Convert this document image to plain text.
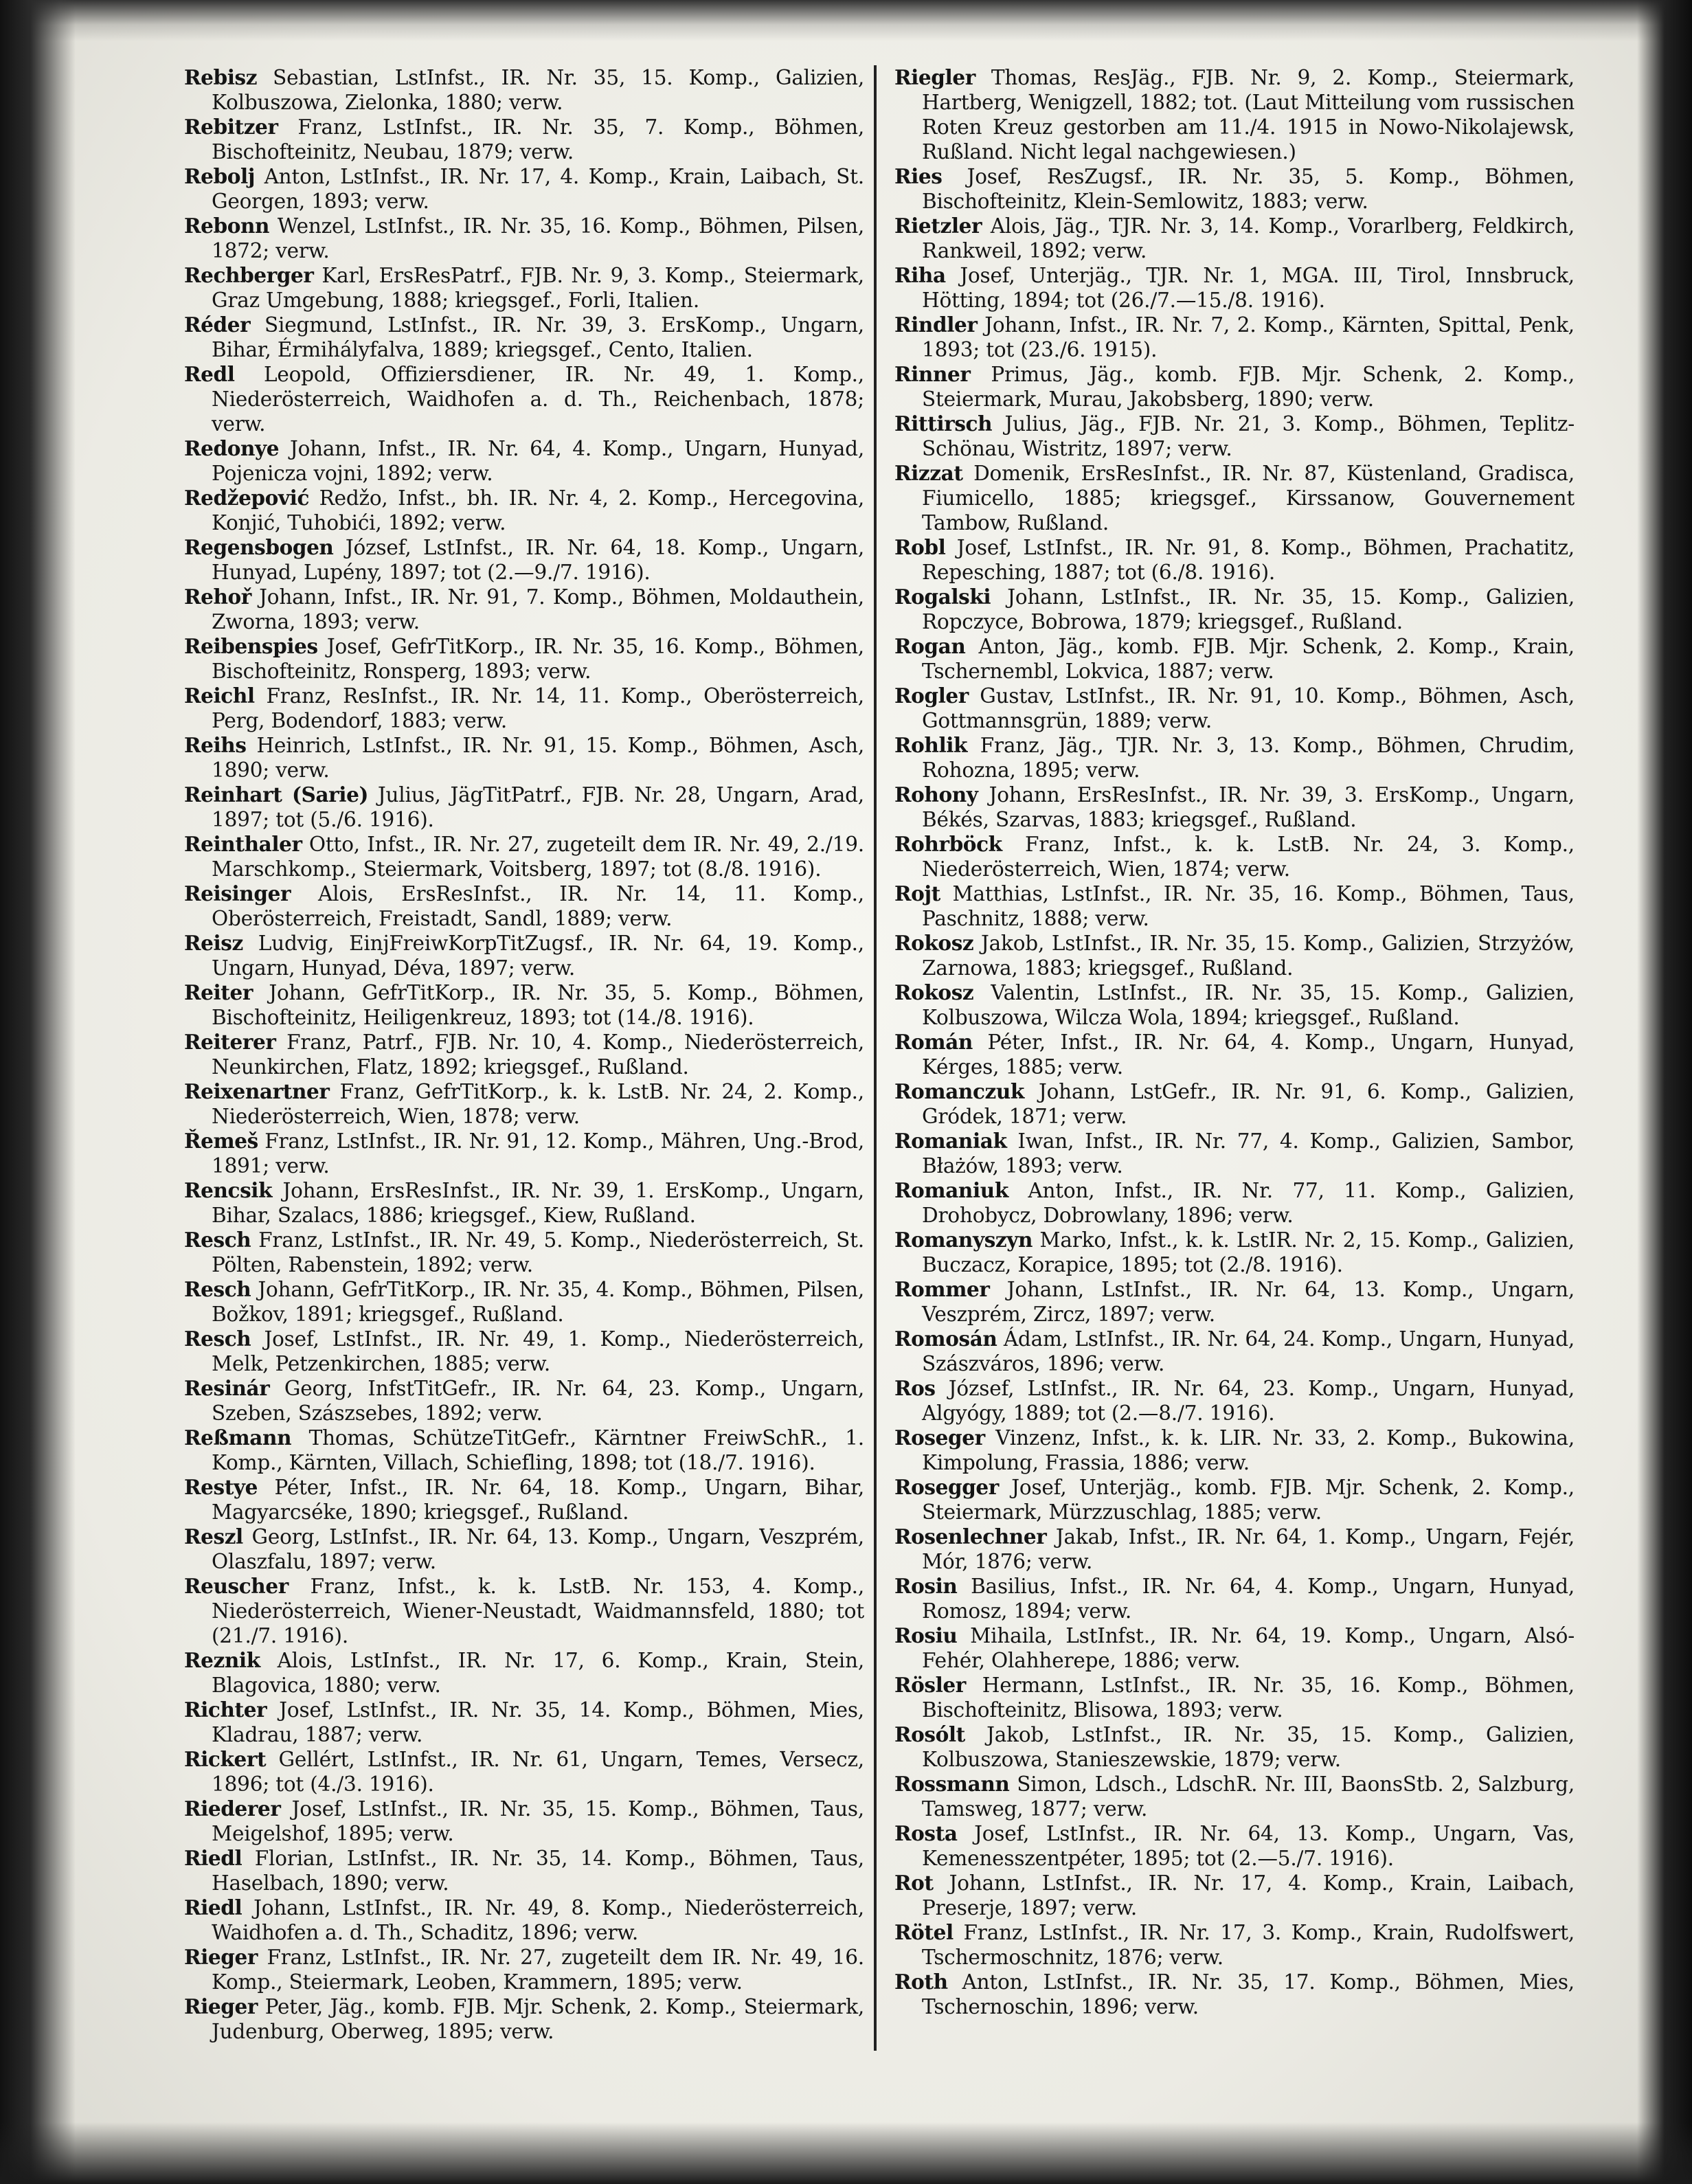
Rebisz Sebastian, LstInfst., IR. Nr. 35, 15. Komp., Galizien, Kolbuszowa, Zielonka, 1880; verw.

Rebitzer Franz, LstInfst., IR. Nr. 35, 7. Komp., Böhmen, Bischofteinitz, Neubau, 1879; verw.

Rebolj Anton, LstInfst., IR. Nr. 17, 4. Komp., Krain, Laibach, St. Georgen, 1893; verw.

Rebonn Wenzel, LstInfst., IR. Nr. 35, 16. Komp., Böhmen, Pilsen, 1872; verw.

Rechberger Karl, ErsResPatrf., FJB. Nr. 9, 3. Komp., Steiermark, Graz Umgebung, 1888; kriegsgef., Forli, Italien.

Réder Siegmund, LstInfst., IR. Nr. 39, 3. ErsKomp., Ungarn, Bihar, Érmihályfalva, 1889; kriegsgef., Cento, Italien.

Redl Leopold, Offiziersdiener, IR. Nr. 49, 1. Komp., Niederösterreich, Waidhofen a. d. Th., Reichenbach, 1878; verw.

Redonye Johann, Infst., IR. Nr. 64, 4. Komp., Ungarn, Hunyad, Pojenicza vojni, 1892; verw.

Redžepović Redžo, Infst., bh. IR. Nr. 4, 2. Komp., Hercegovina, Konjić, Tuhobići, 1892; verw.

Regensbogen József, LstInfst., IR. Nr. 64, 18. Komp., Ungarn, Hunyad, Lupény, 1897; tot (2.—9./7. 1916).

Rehoř Johann, Infst., IR. Nr. 91, 7. Komp., Böhmen, Moldauthein, Zworna, 1893; verw.

Reibenspies Josef, GefrTitKorp., IR. Nr. 35, 16. Komp., Böhmen, Bischofteinitz, Ronsperg, 1893; verw.

Reichl Franz, ResInfst., IR. Nr. 14, 11. Komp., Oberösterreich, Perg, Bodendorf, 1883; verw.

Reihs Heinrich, LstInfst., IR. Nr. 91, 15. Komp., Böhmen, Asch, 1890; verw.

Reinhart (Sarie) Julius, JägTitPatrf., FJB. Nr. 28, Ungarn, Arad, 1897; tot (5./6. 1916).

Reinthaler Otto, Infst., IR. Nr. 27, zugeteilt dem IR. Nr. 49, 2./19. Marschkomp., Steiermark, Voitsberg, 1897; tot (8./8. 1916).

Reisinger Alois, ErsResInfst., IR. Nr. 14, 11. Komp., Oberösterreich, Freistadt, Sandl, 1889; verw.

Reisz Ludvig, EinjFreiwKorpTitZugsf., IR. Nr. 64, 19. Komp., Ungarn, Hunyad, Déva, 1897; verw.

Reiter Johann, GefrTitKorp., IR. Nr. 35, 5. Komp., Böhmen, Bischofteinitz, Heiligenkreuz, 1893; tot (14./8. 1916).

Reiterer Franz, Patrf., FJB. Nr. 10, 4. Komp., Niederösterreich, Neunkirchen, Flatz, 1892; kriegsgef., Rußland.

Reixenartner Franz, GefrTitKorp., k. k. LstB. Nr. 24, 2. Komp., Niederösterreich, Wien, 1878; verw.

Řemeš Franz, LstInfst., IR. Nr. 91, 12. Komp., Mähren, Ung.-Brod, 1891; verw.

Rencsik Johann, ErsResInfst., IR. Nr. 39, 1. ErsKomp., Ungarn, Bihar, Szalacs, 1886; kriegsgef., Kiew, Rußland.

Resch Franz, LstInfst., IR. Nr. 49, 5. Komp., Niederösterreich, St. Pölten, Rabenstein, 1892; verw.

Resch Johann, GefrTitKorp., IR. Nr. 35, 4. Komp., Böhmen, Pilsen, Božkov, 1891; kriegsgef., Rußland.

Resch Josef, LstInfst., IR. Nr. 49, 1. Komp., Niederösterreich, Melk, Petzenkirchen, 1885; verw.

Resinár Georg, InfstTitGefr., IR. Nr. 64, 23. Komp., Ungarn, Szeben, Szászsebes, 1892; verw.

Reßmann Thomas, SchützeTitGefr., Kärntner FreiwSchR., 1. Komp., Kärnten, Villach, Schiefling, 1898; tot (18./7. 1916).

Restye Péter, Infst., IR. Nr. 64, 18. Komp., Ungarn, Bihar, Magyarcséke, 1890; kriegsgef., Rußland.

Reszl Georg, LstInfst., IR. Nr. 64, 13. Komp., Ungarn, Veszprém, Olaszfalu, 1897; verw.

Reuscher Franz, Infst., k. k. LstB. Nr. 153, 4. Komp., Niederösterreich, Wiener-Neustadt, Waidmannsfeld, 1880; tot (21./7. 1916).

Reznik Alois, LstInfst., IR. Nr. 17, 6. Komp., Krain, Stein, Blagovica, 1880; verw.

Richter Josef, LstInfst., IR. Nr. 35, 14. Komp., Böhmen, Mies, Kladrau, 1887; verw.

Rickert Gellért, LstInfst., IR. Nr. 61, Ungarn, Temes, Versecz, 1896; tot (4./3. 1916).

Riederer Josef, LstInfst., IR. Nr. 35, 15. Komp., Böhmen, Taus, Meigelshof, 1895; verw.

Riedl Florian, LstInfst., IR. Nr. 35, 14. Komp., Böhmen, Taus, Haselbach, 1890; verw.

Riedl Johann, LstInfst., IR. Nr. 49, 8. Komp., Niederösterreich, Waidhofen a. d. Th., Schaditz, 1896; verw.

Rieger Franz, LstInfst., IR. Nr. 27, zugeteilt dem IR. Nr. 49, 16. Komp., Steiermark, Leoben, Krammern, 1895; verw.

Rieger Peter, Jäg., komb. FJB. Mjr. Schenk, 2. Komp., Steiermark, Judenburg, Oberweg, 1895; verw.

Riegler Thomas, ResJäg., FJB. Nr. 9, 2. Komp., Steiermark, Hartberg, Wenigzell, 1882; tot. (Laut Mitteilung vom russischen Roten Kreuz gestorben am 11./4. 1915 in Nowo-Nikolajewsk, Rußland. Nicht legal nachgewiesen.)

Ries Josef, ResZugsf., IR. Nr. 35, 5. Komp., Böhmen, Bischofteinitz, Klein-Semlowitz, 1883; verw.

Rietzler Alois, Jäg., TJR. Nr. 3, 14. Komp., Vorarlberg, Feldkirch, Rankweil, 1892; verw.

Riha Josef, Unterjäg., TJR. Nr. 1, MGA. III, Tirol, Innsbruck, Hötting, 1894; tot (26./7.—15./8. 1916).

Rindler Johann, Infst., IR. Nr. 7, 2. Komp., Kärnten, Spittal, Penk, 1893; tot (23./6. 1915).

Rinner Primus, Jäg., komb. FJB. Mjr. Schenk, 2. Komp., Steiermark, Murau, Jakobsberg, 1890; verw.

Rittirsch Julius, Jäg., FJB. Nr. 21, 3. Komp., Böhmen, Teplitz-Schönau, Wistritz, 1897; verw.

Rizzat Domenik, ErsResInfst., IR. Nr. 87, Küstenland, Gradisca, Fiumicello, 1885; kriegsgef., Kirssanow, Gouvernement Tambow, Rußland.

Robl Josef, LstInfst., IR. Nr. 91, 8. Komp., Böhmen, Prachatitz, Repesching, 1887; tot (6./8. 1916).

Rogalski Johann, LstInfst., IR. Nr. 35, 15. Komp., Galizien, Ropczyce, Bobrowa, 1879; kriegsgef., Rußland.

Rogan Anton, Jäg., komb. FJB. Mjr. Schenk, 2. Komp., Krain, Tschernembl, Lokvica, 1887; verw.

Rogler Gustav, LstInfst., IR. Nr. 91, 10. Komp., Böhmen, Asch, Gottmannsgrün, 1889; verw.

Rohlik Franz, Jäg., TJR. Nr. 3, 13. Komp., Böhmen, Chrudim, Rohozna, 1895; verw.

Rohony Johann, ErsResInfst., IR. Nr. 39, 3. ErsKomp., Ungarn, Békés, Szarvas, 1883; kriegsgef., Rußland.

Rohrböck Franz, Infst., k. k. LstB. Nr. 24, 3. Komp., Niederösterreich, Wien, 1874; verw.

Rojt Matthias, LstInfst., IR. Nr. 35, 16. Komp., Böhmen, Taus, Paschnitz, 1888; verw.

Rokosz Jakob, LstInfst., IR. Nr. 35, 15. Komp., Galizien, Strzyżów, Zarnowa, 1883; kriegsgef., Rußland.

Rokosz Valentin, LstInfst., IR. Nr. 35, 15. Komp., Galizien, Kolbuszowa, Wilcza Wola, 1894; kriegsgef., Rußland.

Román Péter, Infst., IR. Nr. 64, 4. Komp., Ungarn, Hunyad, Kérges, 1885; verw.

Romanczuk Johann, LstGefr., IR. Nr. 91, 6. Komp., Galizien, Gródek, 1871; verw.

Romaniak Iwan, Infst., IR. Nr. 77, 4. Komp., Galizien, Sambor, Błażów, 1893; verw.

Romaniuk Anton, Infst., IR. Nr. 77, 11. Komp., Galizien, Drohobycz, Dobrowlany, 1896; verw.

Romanyszyn Marko, Infst., k. k. LstIR. Nr. 2, 15. Komp., Galizien, Buczacz, Korapice, 1895; tot (2./8. 1916).

Rommer Johann, LstInfst., IR. Nr. 64, 13. Komp., Ungarn, Veszprém, Zircz, 1897; verw.

Romosán Ádam, LstInfst., IR. Nr. 64, 24. Komp., Ungarn, Hunyad, Szászváros, 1896; verw.

Ros József, LstInfst., IR. Nr. 64, 23. Komp., Ungarn, Hunyad, Algyógy, 1889; tot (2.—8./7. 1916).

Roseger Vinzenz, Infst., k. k. LIR. Nr. 33, 2. Komp., Bukowina, Kimpolung, Frassia, 1886; verw.

Rosegger Josef, Unterjäg., komb. FJB. Mjr. Schenk, 2. Komp., Steiermark, Mürzzuschlag, 1885; verw.

Rosenlechner Jakab, Infst., IR. Nr. 64, 1. Komp., Ungarn, Fejér, Mór, 1876; verw.

Rosin Basilius, Infst., IR. Nr. 64, 4. Komp., Ungarn, Hunyad, Romosz, 1894; verw.

Rosiu Mihaila, LstInfst., IR. Nr. 64, 19. Komp., Ungarn, Alsó-Fehér, Olahherepe, 1886; verw.

Rösler Hermann, LstInfst., IR. Nr. 35, 16. Komp., Böhmen, Bischofteinitz, Blisowa, 1893; verw.

Rosólt Jakob, LstInfst., IR. Nr. 35, 15. Komp., Galizien, Kolbuszowa, Stanieszewskie, 1879; verw.

Rossmann Simon, Ldsch., LdschR. Nr. III, BaonsStb. 2, Salzburg, Tamsweg, 1877; verw.

Rosta Josef, LstInfst., IR. Nr. 64, 13. Komp., Ungarn, Vas, Kemenesszentpéter, 1895; tot (2.—5./7. 1916).

Rot Johann, LstInfst., IR. Nr. 17, 4. Komp., Krain, Laibach, Preserje, 1897; verw.

Rötel Franz, LstInfst., IR. Nr. 17, 3. Komp., Krain, Rudolfswert, Tschermoschnitz, 1876; verw.

Roth Anton, LstInfst., IR. Nr. 35, 17. Komp., Böhmen, Mies, Tschernoschin, 1896; verw.
